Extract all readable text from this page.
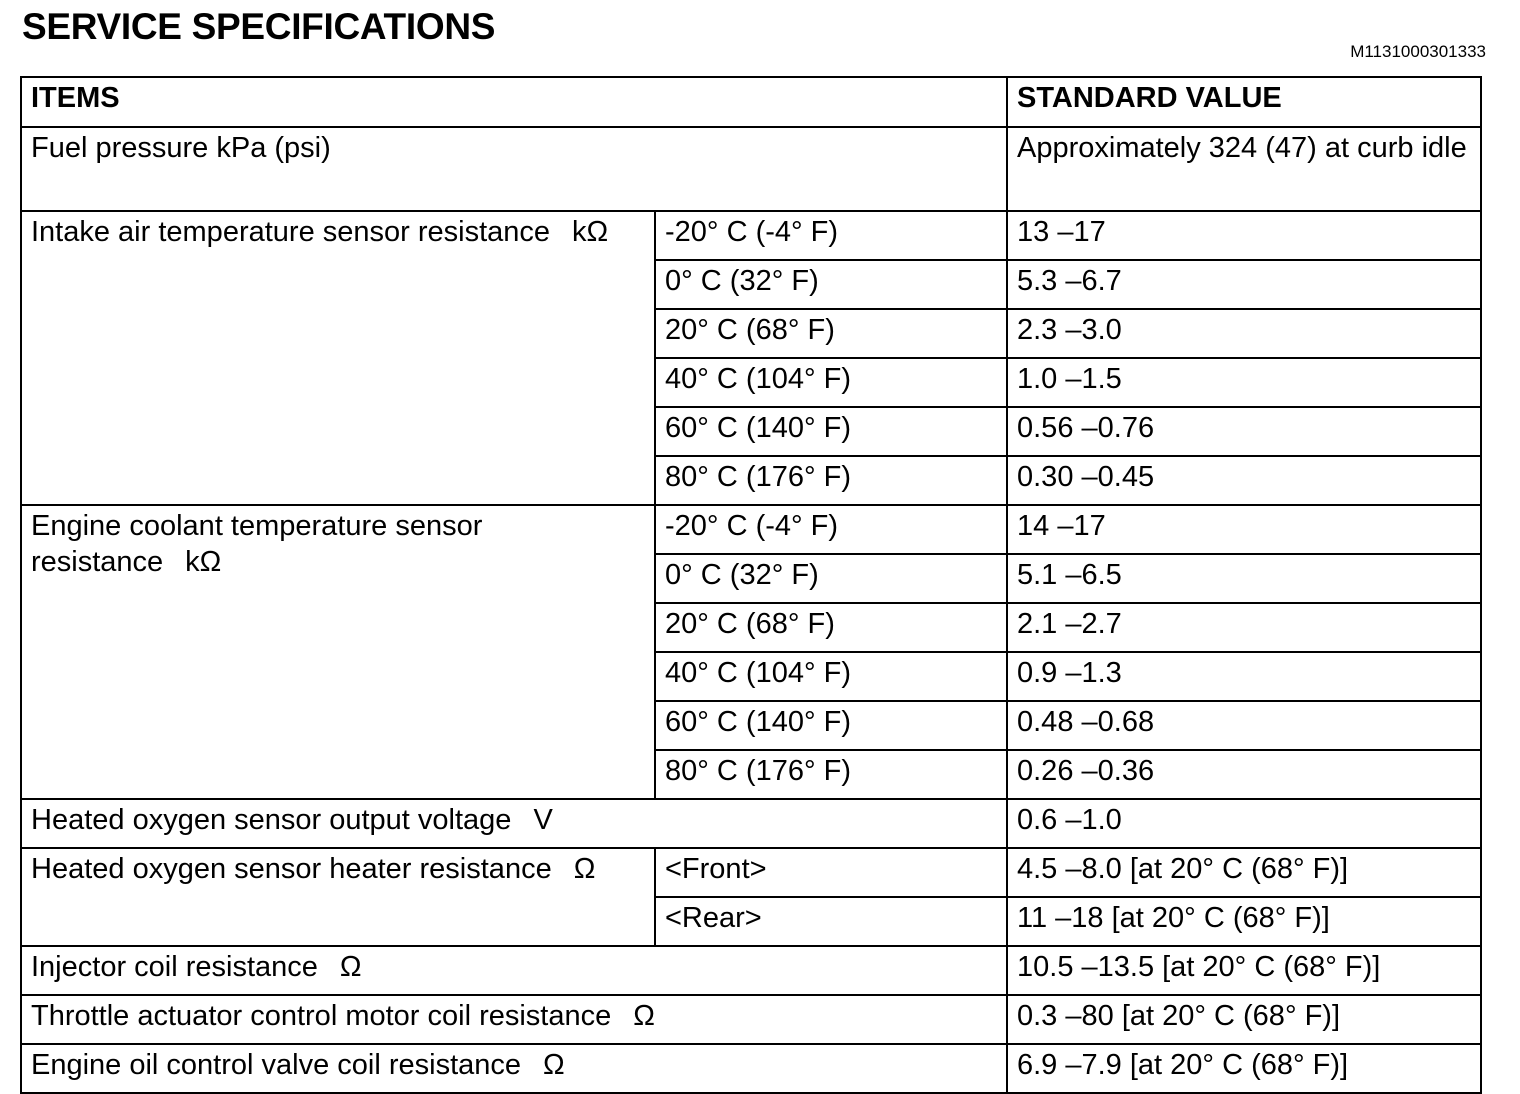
SERVICE SPECIFICATIONS
M1131000301333
ITEMS		STANDARD VALUE
Fuel pressure kPa (psi)		Approximately 324 (47) at curb idle
Intake air temperature sensor resistance kΩ	-20° C (-4° F)	13 –17
	0° C (32° F)	5.3 –6.7
	20° C (68° F)	2.3 –3.0
	40° C (104° F)	1.0 –1.5
	60° C (140° F)	0.56 –0.76
	80° C (176° F)	0.30 –0.45
Engine coolant temperature sensor resistance kΩ	-20° C (-4° F)	14 –17
	0° C (32° F)	5.1 –6.5
	20° C (68° F)	2.1 –2.7
	40° C (104° F)	0.9 –1.3
	60° C (140° F)	0.48 –0.68
	80° C (176° F)	0.26 –0.36
Heated oxygen sensor output voltage V		0.6 –1.0
Heated oxygen sensor heater resistance Ω	<Front>	4.5 –8.0 [at 20° C (68° F)]
	<Rear>	11 –18 [at 20° C (68° F)]
Injector coil resistance Ω		10.5 –13.5 [at 20° C (68° F)]
Throttle actuator control motor coil resistance Ω		0.3 –80 [at 20° C (68° F)]
Engine oil control valve coil resistance Ω		6.9 –7.9 [at 20° C (68° F)]
